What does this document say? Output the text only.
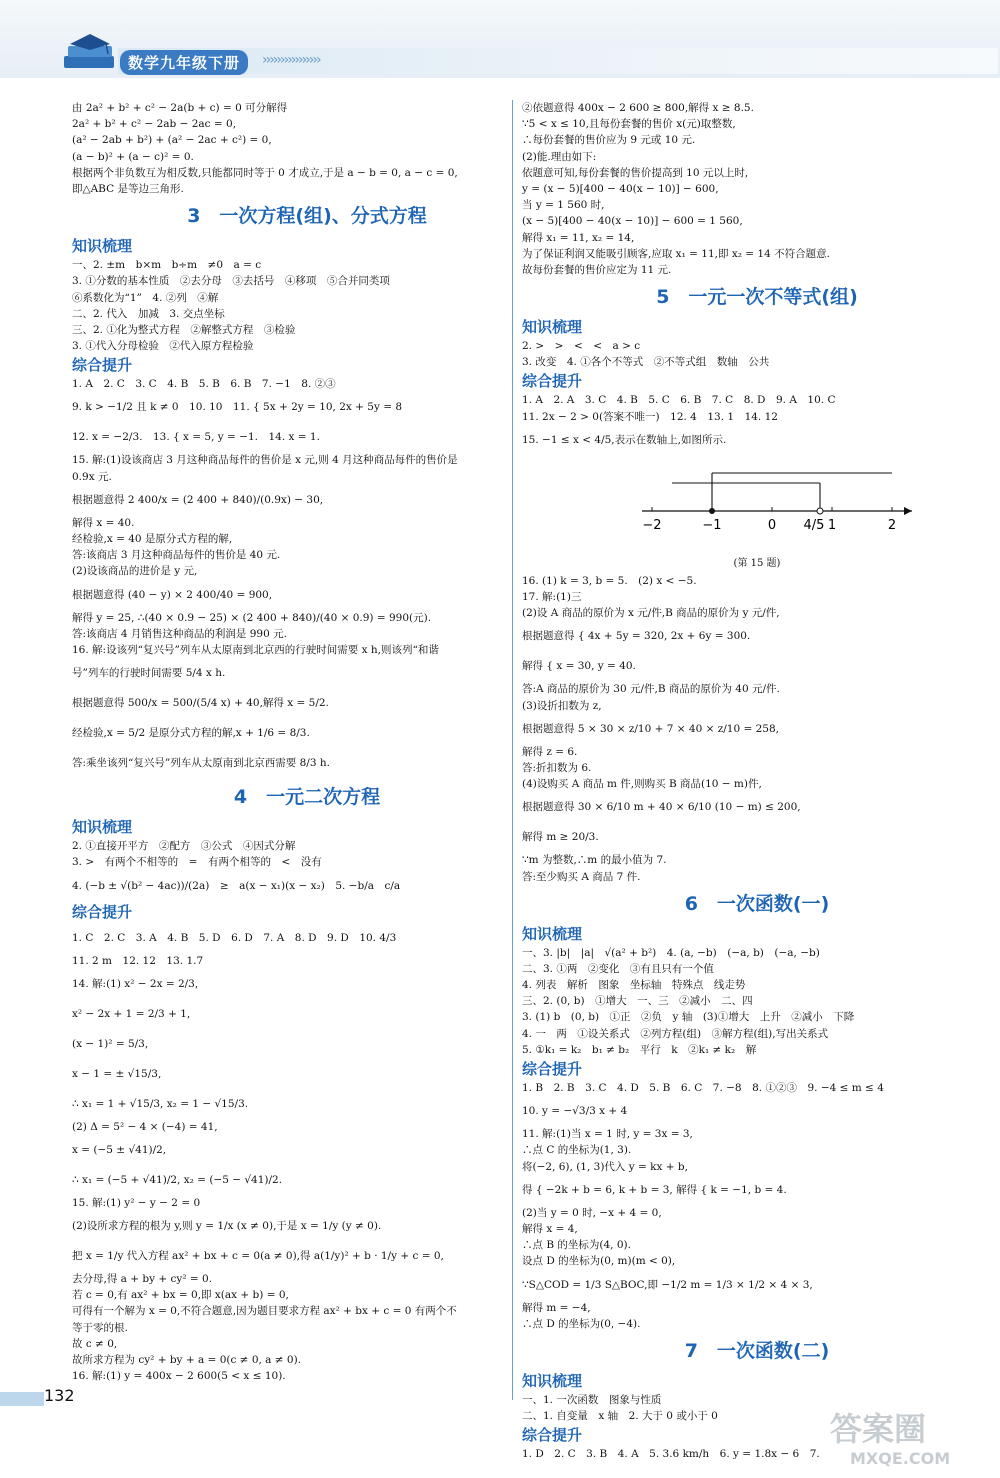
数学九年级下册	››››››››››››››››
由 2a² + b² + c² − 2a(b + c) = 0 可分解得
2a² + b² + c² − 2ab − 2ac = 0,
(a² − 2ab + b²) + (a² − 2ac + c²) = 0,
(a − b)² + (a − c)² = 0.
根据两个非负数互为相反数,只能都同时等于 0 才成立,于是 a − b = 0, a − c = 0,
即△ABC 是等边三角形.
3　一次方程(组)、分式方程
知识梳理
一、2. ±m　b×m　b÷m　≠0　a = c
3. ①分数的基本性质　②去分母　③去括号　④移项　⑤合并同类项
⑥系数化为“1”　4. ②列　④解
二、2. 代入　加减　3. 交点坐标
三、2. ①化为整式方程　②解整式方程　③检验
3. ①代入分母检验　②代入原方程检验
综合提升
1. A　2. C　3. C　4. B　5. B　6. B　7. −1　8. ②③
9. k > −1/2 且 k ≠ 0　10. 10　11. { 5x + 2y = 10, 2x + 5y = 8
12. x = −2/3.　13. { x = 5, y = −1.　14. x = 1.
15. 解:(1)设该商店 3 月这种商品每件的售价是 x 元,则 4 月这种商品每件的售价是
0.9x 元.
根据题意得 2 400/x = (2 400 + 840)/(0.9x) − 30,
解得 x = 40.
经检验,x = 40 是原分式方程的解,
答:该商店 3 月这种商品每件的售价是 40 元.
(2)设该商品的进价是 y 元,
根据题意得 (40 − y) × 2 400/40 = 900,
解得 y = 25, ∴(40 × 0.9 − 25) × (2 400 + 840)/(40 × 0.9) = 990(元).
答:该商店 4 月销售这种商品的利润是 990 元.
16. 解:设该列“复兴号”列车从太原南到北京西的行驶时间需要 x h,则该列“和谐
号”列车的行驶时间需要 5/4 x h.
根据题意得 500/x = 500/(5/4 x) + 40,解得 x = 5/2.
经检验,x = 5/2 是原分式方程的解,x + 1/6 = 8/3.
答:乘坐该列“复兴号”列车从太原南到北京西需要 8/3 h.
4　一元二次方程
知识梳理
2. ①直接开平方　②配方　③公式　④因式分解
3. >　有两个不相等的　=　有两个相等的　<　没有
4. (−b ± √(b² − 4ac))/(2a)　≥　a(x − x₁)(x − x₂)　5. −b/a　c/a
综合提升
1. C　2. C　3. A　4. B　5. D　6. D　7. A　8. D　9. D　10. 4/3
11. 2 m　12. 12　13. 1.7
14. 解:(1) x² − 2x = 2/3,
x² − 2x + 1 = 2/3 + 1,
(x − 1)² = 5/3,
x − 1 = ± √15/3,
∴ x₁ = 1 + √15/3, x₂ = 1 − √15/3.
(2) Δ = 5² − 4 × (−4) = 41,
x = (−5 ± √41)/2,
∴ x₁ = (−5 + √41)/2, x₂ = (−5 − √41)/2.
15. 解:(1) y² − y − 2 = 0
(2)设所求方程的根为 y,则 y = 1/x (x ≠ 0),于是 x = 1/y (y ≠ 0).
把 x = 1/y 代入方程 ax² + bx + c = 0(a ≠ 0),得 a(1/y)² + b · 1/y + c = 0,
去分母,得 a + by + cy² = 0.
若 c = 0,有 ax² + bx = 0,即 x(ax + b) = 0,
可得有一个解为 x = 0,不符合题意,因为题目要求方程 ax² + bx + c = 0 有两个不
等于零的根.
故 c ≠ 0,
故所求方程为 cy² + by + a = 0(c ≠ 0, a ≠ 0).
16. 解:(1) y = 400x − 2 600(5 < x ≤ 10).
②依题意得 400x − 2 600 ≥ 800,解得 x ≥ 8.5.
∵5 < x ≤ 10,且每份套餐的售价 x(元)取整数,
∴每份套餐的售价应为 9 元或 10 元.
(2)能.理由如下:
依题意可知,每份套餐的售价提高到 10 元以上时,
y = (x − 5)[400 − 40(x − 10)] − 600,
当 y = 1 560 时,
(x − 5)[400 − 40(x − 10)] − 600 = 1 560,
解得 x₁ = 11, x₂ = 14,
为了保证利润又能吸引顾客,应取 x₁ = 11,即 x₂ = 14 不符合题意.
故每份套餐的售价应定为 11 元.
5　一元一次不等式(组)
知识梳理
2. >　>　<　<　a > c
3. 改变　4. ①各个不等式　②不等式组　数轴　公共
综合提升
1. A　2. A　3. C　4. B　5. C　6. B　7. C　8. D　9. A　10. C
11. 2x − 2 > 0(答案不唯一)　12. 4　13. 1　14. 12
15. −1 ≤ x < 4/5,表示在数轴上,如图所示.
−2	−1	0 4/5 1	2
(第 15 题)
16. (1) k = 3, b = 5.　(2) x < −5.
17. 解:(1)三
(2)设 A 商品的原价为 x 元/件,B 商品的原价为 y 元/件,
根据题意得 { 4x + 5y = 320, 2x + 6y = 300.
解得 { x = 30, y = 40.
答:A 商品的原价为 30 元/件,B 商品的原价为 40 元/件.
(3)设折扣数为 z,
根据题意得 5 × 30 × z/10 + 7 × 40 × z/10 = 258,
解得 z = 6.
答:折扣数为 6.
(4)设购买 A 商品 m 件,则购买 B 商品(10 − m)件,
根据题意得 30 × 6/10 m + 40 × 6/10 (10 − m) ≤ 200,
解得 m ≥ 20/3.
∵m 为整数,∴m 的最小值为 7.
答:至少购买 A 商品 7 件.
6　一次函数(一)
知识梳理
一、3. |b|　|a|　√(a² + b²)　4. (a, −b)　(−a, b)　(−a, −b)
二、3. ①两　②变化　③有且只有一个值
4. 列表　解析　图象　坐标轴　特殊点　线走势
三、2. (0, b)　①增大　一、三　②减小　二、四
3. (1) b　(0, b)　①正　②负　y 轴　(3)①增大　上升　②减小　下降
4. 一　两　①设关系式　②列方程(组)　③解方程(组),写出关系式
5. ①k₁ = k₂　b₁ ≠ b₂　平行　k　②k₁ ≠ k₂　解
综合提升
1. B　2. B　3. C　4. D　5. B　6. C　7. −8　8. ①②③　9. −4 ≤ m ≤ 4
10. y = −√3/3 x + 4
11. 解:(1)当 x = 1 时, y = 3x = 3,
∴点 C 的坐标为(1, 3).
将(−2, 6), (1, 3)代入 y = kx + b,
得 { −2k + b = 6, k + b = 3, 解得 { k = −1, b = 4.
(2)当 y = 0 时, −x + 4 = 0,
解得 x = 4,
∴点 B 的坐标为(4, 0).
设点 D 的坐标为(0, m)(m < 0),
∵S△COD = 1/3 S△BOC,即 −1/2 m = 1/3 × 1/2 × 4 × 3,
解得 m = −4,
∴点 D 的坐标为(0, −4).
7　一次函数(二)
知识梳理
一、1. 一次函数　图象与性质
二、1. 自变量　x 轴　2. 大于 0 或小于 0
综合提升
1. D　2. C　3. B　4. A　5. 3.6 km/h　6. y = 1.8x − 6　7.
132
答案圈
MXQE.COM
